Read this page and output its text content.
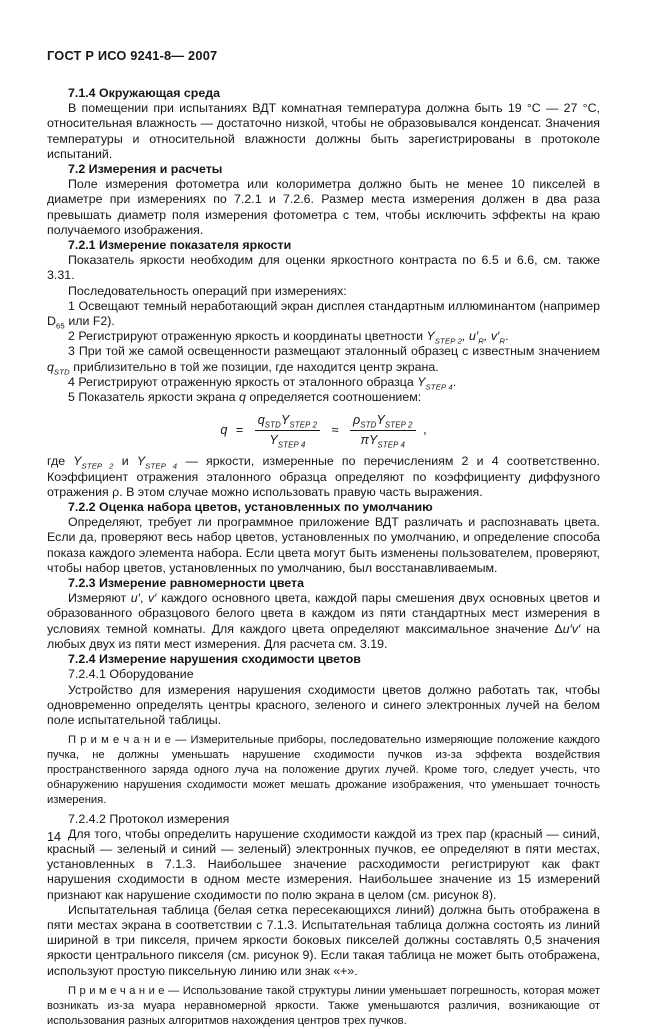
ГОСТ Р ИСО 9241-8— 2007
7.1.4 Окружающая среда

В помещении при испытаниях ВДТ комнатная температура должна быть 19 °С — 27 °С, относительная влажность — достаточно низкой, чтобы не образовывался конденсат. Значения температуры и относительной влажности должны быть зарегистрированы в протоколе испытаний.

7.2 Измерения и расчеты

Поле измерения фотометра или колориметра должно быть не менее 10 пикселей в диаметре при измерениях по 7.2.1 и 7.2.6. Размер места измерения должен в два раза превышать диаметр поля измерения фотометра с тем, чтобы исключить эффекты на краю получаемого изображения.

7.2.1 Измерение показателя яркости

Показатель яркости необходим для оценки яркостного контраста по 6.5 и 6.6, см. также 3.31.

Последовательность операций при измерениях:

1 Освещают темный неработающий экран дисплея стандартным иллюминантом (например $D_{65}$ или F2).

2 Регистрируют отраженную яркость и координаты цветности $Y_{STEP 2}$, $u'_R$, $v'_R$.

3 При той же самой освещенности размещают эталонный образец с известным значением $q_{STD}$ приблизительно в той же позиции, где находится центр экрана.

4 Регистрируют отраженную яркость от эталонного образца $Y_{STEP 4}$.

5 Показатель яркости экрана q определяется соотношением:

$q = \frac{q_{STD}Y_{STEP 2}}{Y_{STEP 4}} \approx \frac{\rho_{STD}Y_{STEP 2}}{\pi Y_{STEP 4}}$ ,

где $Y_{STEP 2}$ и $Y_{STEP 4}$ — яркости, измеренные по перечислениям 2 и 4 соответственно. Коэффициент отражения эталонного образца определяют по коэффициенту диффузного отражения ρ. В этом случае можно использовать правую часть выражения.

7.2.2 Оценка набора цветов, установленных по умолчанию

Определяют, требует ли программное приложение ВДТ различать и распознавать цвета. Если да, проверяют весь набор цветов, установленных по умолчанию, и определение способа показа каждого элемента набора. Если цвета могут быть изменены пользователем, проверяют, чтобы набор цветов, установленных по умолчанию, был восстанавливаемым.

7.2.3 Измерение равномерности цвета

Измеряют u′, v′ каждого основного цвета, каждой пары смешения двух основных цветов и образованного образцового белого цвета в каждом из пяти стандартных мест измерения в условиях темной комнаты. Для каждого цвета определяют максимальное значение Δu′v′ на любых двух из пяти мест измерения. Для расчета см. 3.19.

7.2.4 Измерение нарушения сходимости цветов

7.2.4.1 Оборудование

Устройство для измерения нарушения сходимости цветов должно работать так, чтобы одновременно определять центры красного, зеленого и синего электронных лучей на белом поле испытательной таблицы.

П р и м е ч а н и е — Измерительные приборы, последовательно измеряющие положение каждого пучка, не должны уменьшать нарушение сходимости пучков из-за эффекта воздействия пространственного заряда одного луча на положение других лучей. Кроме того, следует учесть, что обнаружению нарушения сходимости может мешать дрожание изображения, что уменьшает точность измерения.

7.2.4.2 Протокол измерения

Для того, чтобы определить нарушение сходимости каждой из трех пар (красный — синий, красный — зеленый и синий — зеленый) электронных пучков, ее определяют в пяти местах, установленных в 7.1.3. Наибольшее значение расходимости регистрируют как факт нарушения сходимости в одном месте измерения. Наибольшее значение из 15 измерений признают как нарушение сходимости по полю экрана в целом (см. рисунок 8).

Испытательная таблица (белая сетка пересекающихся линий) должна быть отображена в пяти местах экрана в соответствии с 7.1.3. Испытательная таблица должна состоять из линий шириной в три пикселя, причем яркости боковых пикселей должны составлять 0,5 значения яркости центрального пикселя (см. рисунок 9). Если такая таблица не может быть отображена, используют простую пиксельную линию или знак «+».

П р и м е ч а н и е — Использование такой структуры линии уменьшает погрешность, которая может возникать из-за муара неравномерной яркости. Также уменьшаются различия, возникающие от использования разных алгоритмов нахождения центров трех пучков.

14
